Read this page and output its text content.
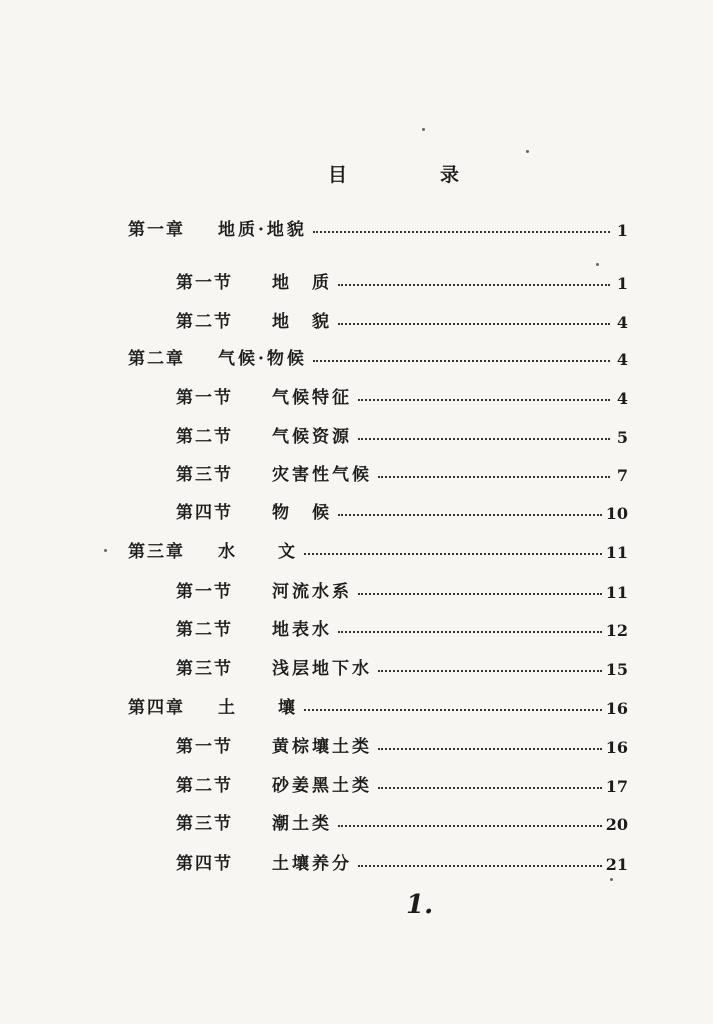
目	录
第一章	地质·地貌	1
第一节	地　质	1
第二节	地　貌	4
第二章	气候·物候	4
第一节	气候特征	4
第二节	气候资源	5
第三节	灾害性气候	7
第四节	物　候	10
第三章	水　　文	11
第一节	河流水系	11
第二节	地表水	12
第三节	浅层地下水	15
第四章	土　　壤	16
第一节	黄棕壤土类	16
第二节	砂姜黑土类	17
第三节	潮土类	20
第四节	土壤养分	21
1.
